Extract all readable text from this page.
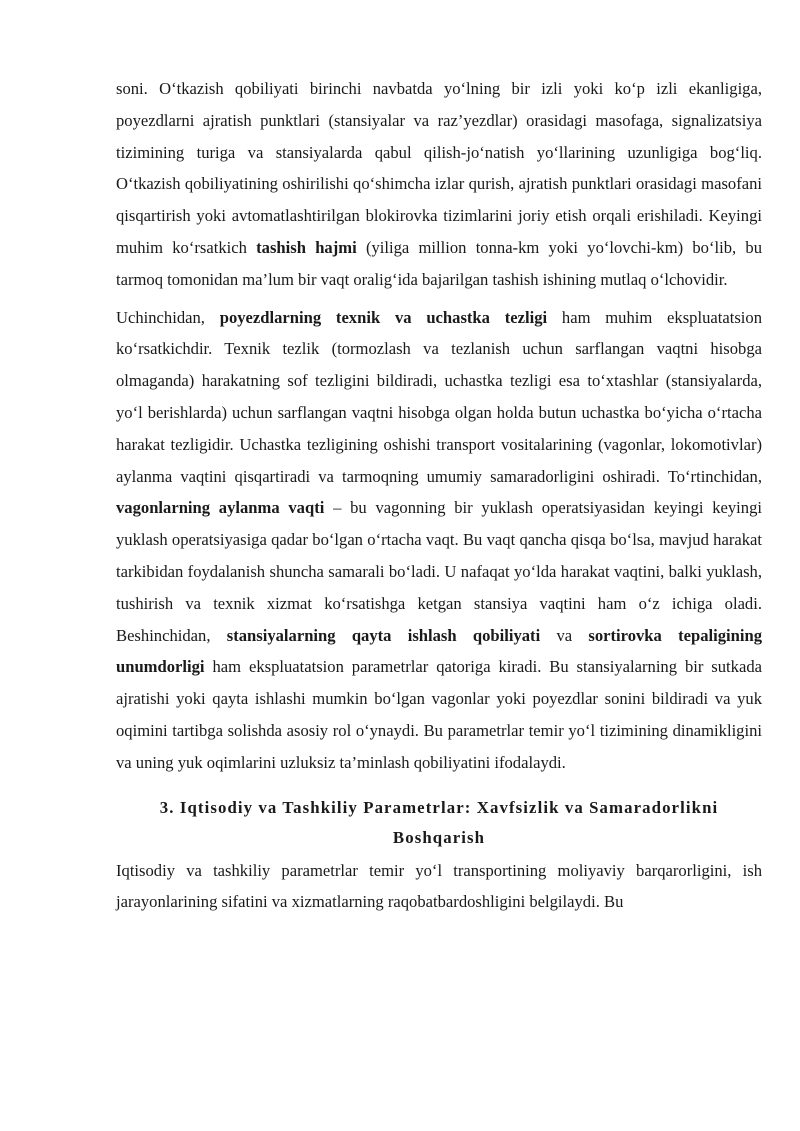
soni. O‘tkazish qobiliyati birinchi navbatda yo‘lning bir izli yoki ko‘p izli ekanligiga, poyezdlarni ajratish punktlari (stansiyalar va raz’yezdlar) orasidagi masofaga, signalizatsiya tizimining turiga va stansiyalarda qabul qilish-jo‘natish yo‘llarining uzunligiga bog‘liq. O‘tkazish qobiliyatining oshirilishi qo‘shimcha izlar qurish, ajratish punktlari orasidagi masofani qisqartirish yoki avtomatlashtirilgan blokirovka tizimlarini joriy etish orqali erishiladi. Keyingi muhim ko‘rsatkich tashish hajmi (yiliga million tonna-km yoki yo‘lovchi-km) bo‘lib, bu tarmoq tomonidan ma’lum bir vaqt oralig‘ida bajarilgan tashish ishining mutlaq o‘lchovidir.

Uchinchidan, poyezdlarning texnik va uchastka tezligi ham muhim ekspluatatsion ko‘rsatkichdir. Texnik tezlik (tormozlash va tezlanish uchun sarflangan vaqtni hisobga olmaganda) harakatning sof tezligini bildiradi, uchastka tezligi esa to‘xtashlar (stansiyalarda, yo‘l berishlarda) uchun sarflangan vaqtni hisobga olgan holda butun uchastka bo‘yicha o‘rtacha harakat tezligidir. Uchastka tezligining oshishi transport vositalarining (vagonlar, lokomotivlar) aylanma vaqtini qisqartiradi va tarmoqning umumiy samaradorligini oshiradi. To‘rtinchidan, vagonlarning aylanma vaqti – bu vagonning bir yuklash operatsiyasidan keyingi keyingi yuklash operatsiyasiga qadar bo‘lgan o‘rtacha vaqt. Bu vaqt qancha qisqa bo‘lsa, mavjud harakat tarkibidan foydalanish shuncha samarali bo‘ladi. U nafaqat yo‘lda harakat vaqtini, balki yuklash, tushirish va texnik xizmat ko‘rsatishga ketgan stansiya vaqtini ham o‘z ichiga oladi. Beshinchidan, stansiyalarning qayta ishlash qobiliyati va sortirovka tepaligining unumdorligi ham ekspluatatsion parametrlar qatoriga kiradi. Bu stansiyalarning bir sutkada ajratishi yoki qayta ishlashi mumkin bo‘lgan vagonlar yoki poyezdlar sonini bildiradi va yuk oqimini tartibga solishda asosiy rol o‘ynaydi. Bu parametrlar temir yo‘l tizimining dinamikligini va uning yuk oqimlarini uzluksiz ta’minlash qobiliyatini ifodalaydi.

3. Iqtisodiy va Tashkiliy Parametrlar: Xavfsizlik va Samaradorlikni Boshqarish

Iqtisodiy va tashkiliy parametrlar temir yo‘l transportining moliyaviy barqarorligini, ish jarayonlarining sifatini va xizmatlarning raqobatbardoshligini belgilaydi. Bu
